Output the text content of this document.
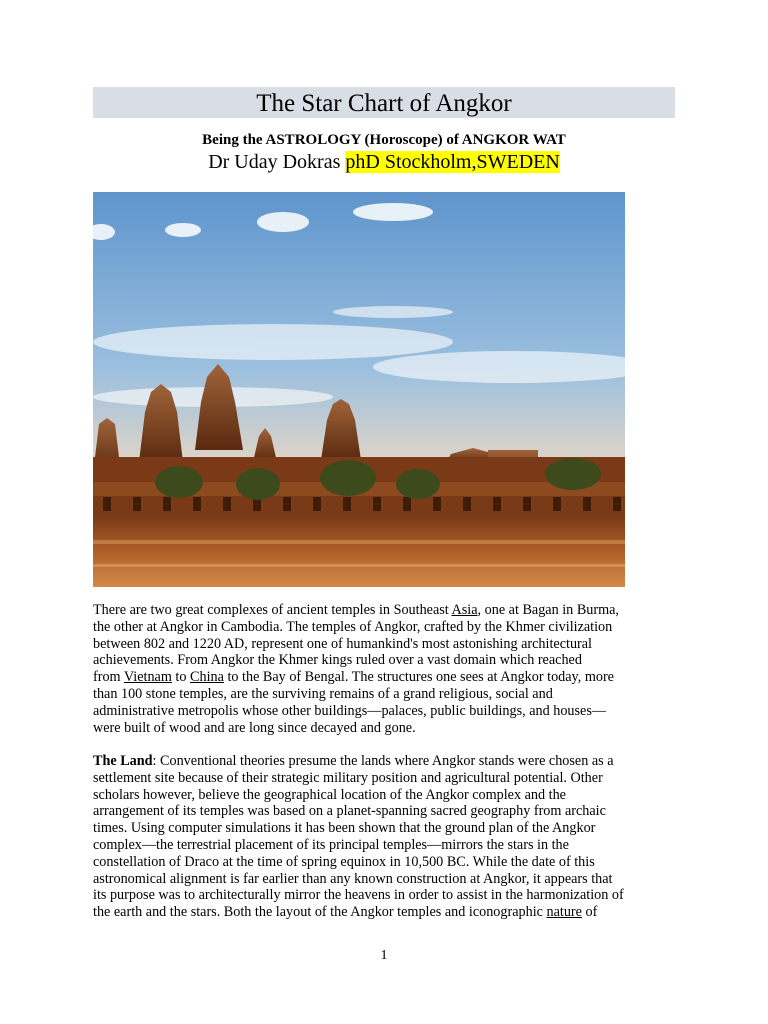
The Star Chart of Angkor
Being the ASTROLOGY (Horoscope) of ANGKOR WAT
Dr Uday Dokras phD Stockholm,SWEDEN
There are two great complexes of ancient temples in Southeast Asia, one at Bagan in Burma,
the other at Angkor in Cambodia. The temples of Angkor, crafted by the Khmer civilization
between 802 and 1220 AD, represent one of humankind's most astonishing architectural
achievements. From Angkor the Khmer kings ruled over a vast domain which reached
from Vietnam to China to the Bay of Bengal. The structures one sees at Angkor today, more
than 100 stone temples, are the surviving remains of a grand religious, social and
administrative metropolis whose other buildings—palaces, public buildings, and houses—
were built of wood and are long since decayed and gone.
The Land: Conventional theories presume the lands where Angkor stands were chosen as a
settlement site because of their strategic military position and agricultural potential. Other
scholars however, believe the geographical location of the Angkor complex and the
arrangement of its temples was based on a planet-spanning sacred geography from archaic
times. Using computer simulations it has been shown that the ground plan of the Angkor
complex—the terrestrial placement of its principal temples—mirrors the stars in the
constellation of Draco at the time of spring equinox in 10,500 BC. While the date of this
astronomical alignment is far earlier than any known construction at Angkor, it appears that
its purpose was to architecturally mirror the heavens in order to assist in the harmonization of
the earth and the stars. Both the layout of the Angkor temples and iconographic nature of
1
